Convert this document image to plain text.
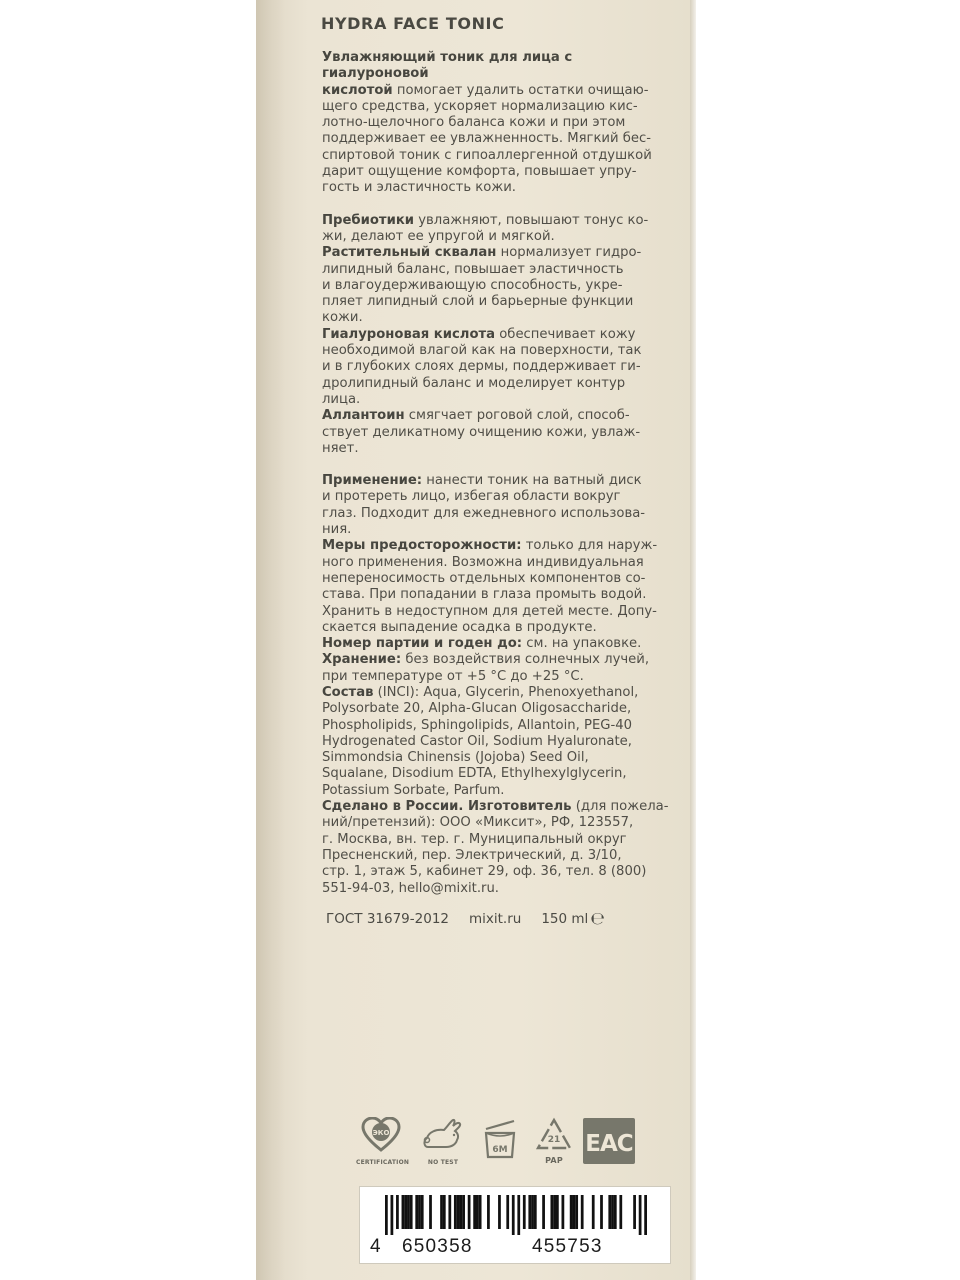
HYDRA FACE TONIC

Увлажняющий тоник для лица с гиалуроновой

кислотой помогает удалить остатки очищаю-

щего средства, ускоряет нормализацию кис-

лотно-щелочного баланса кожи и при этом

поддерживает ее увлажненность. Мягкий бес-

спиртовой тоник с гипоаллергенной отдушкой

дарит ощущение комфорта, повышает упру-

гость и эластичность кожи.

Пребиотики увлажняют, повышают тонус ко-

жи, делают ее упругой и мягкой.

Растительный сквалан нормализует гидро-

липидный баланс, повышает эластичность

и влагоудерживающую способность, укре-

пляет липидный слой и барьерные функции

кожи.

Гиалуроновая кислота обеспечивает кожу

необходимой влагой как на поверхности, так

и в глубоких слоях дермы, поддерживает ги-

дролипидный баланс и моделирует контур

лица.

Аллантоин смягчает роговой слой, способ-

ствует деликатному очищению кожи, увлаж-

няет.

Применение: нанести тоник на ватный диск

и протереть лицо, избегая области вокруг

глаз. Подходит для ежедневного использова-

ния.

Меры предосторожности: только для наруж-

ного применения. Возможна индивидуальная

непереносимость отдельных компонентов со-

става. При попадании в глаза промыть водой.

Хранить в недоступном для детей месте. Допу-

скается выпадение осадка в продукте.

Номер партии и годен до: см. на упаковке.

Хранение: без воздействия солнечных лучей,

при температуре от +5 °С до +25 °С.

Состав (INCI): Aqua, Glycerin, Phenoxyethanol,

Polysorbate 20, Alpha-Glucan Oligosaccharide,

Phospholipids, Sphingolipids, Allantoin, PEG-40

Hydrogenated Castor Oil, Sodium Hyaluronate,

Simmondsia Chinensis (Jojoba) Seed Oil,

Squalane, Disodium EDTA, Ethylhexylglycerin,

Potassium Sorbate, Parfum.

Сделано в России. Изготовитель (для пожела-

ний/претензий): ООО «Миксит», РФ, 123557,

г. Москва, вн. тер. г. Муниципальный округ

Пресненский, пер. Электрический, д. 3/10,

стр. 1, этаж 5, кабинет 29, оф. 36, тел. 8 (800)

551-94-03, hello@mixit.ru.

ГОСТ 31679-2012 mixit.ru 150 ml ℮
ЭКО
CERTIFICATION	NO TEST
6M
21
PAP
ЕАС
4 650358	455753
